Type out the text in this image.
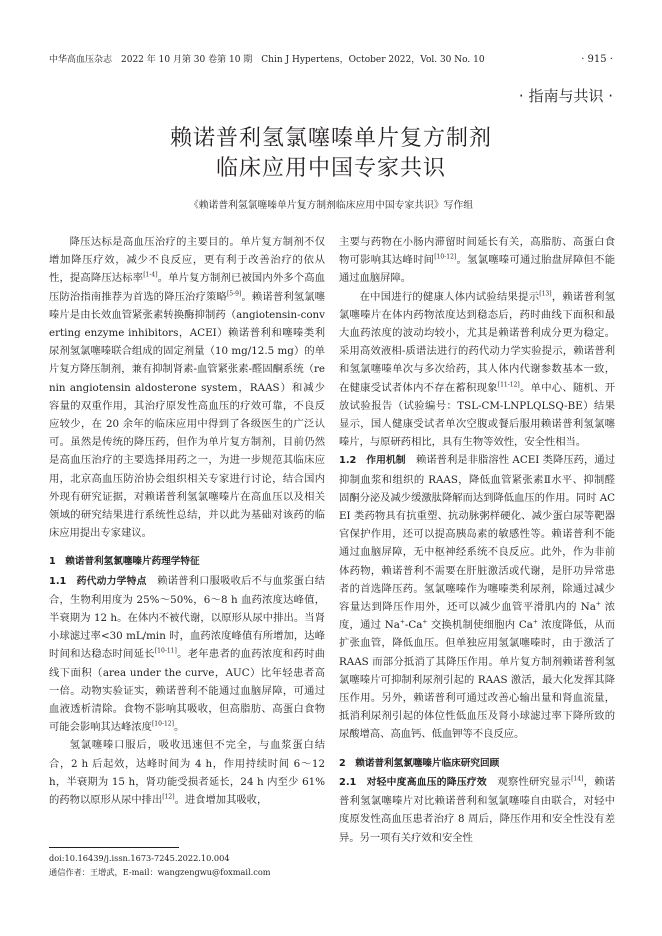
中华高血压杂志　2022 年 10 月第 30 卷第 10 期　Chin J Hypertens，October 2022，Vol. 30 No. 10	· 915 ·
· 指南与共识 ·
赖诺普利氢氯噻嗪单片复方制剂
临床应用中国专家共识
《赖诺普利氢氯噻嗪单片复方制剂临床应用中国专家共识》写作组

降压达标是高血压治疗的主要目的。单片复方制剂不仅增加降压疗效，减少不良反应，更有利于改善治疗的依从性，提高降压达标率[1-4]。单片复方制剂已被国内外多个高血压防治指南推荐为首选的降压治疗策略[5-9]。赖诺普利氢氯噻嗪片是由长效血管紧张素转换酶抑制药（angiotensin-converting enzyme inhibitors，ACEI）赖诺普利和噻嗪类利尿剂氢氯噻嗪联合组成的固定剂量（10 mg/12.5 mg）的单片复方降压制剂，兼有抑制肾素-血管紧张素-醛固酮系统（renin angiotensin aldosterone system，RAAS）和减少容量的双重作用，其治疗原发性高血压的疗效可靠，不良反应较少，在 20 余年的临床应用中得到了各级医生的广泛认可。虽然是传统的降压药，但作为单片复方制剂，目前仍然是高血压治疗的主要选择用药之一，为进一步规范其临床应用，北京高血压防治协会组织相关专家进行讨论，结合国内外现有研究证据，对赖诺普利氢氯噻嗪片在高血压以及相关领域的研究结果进行系统性总结，并以此为基础对该药的临床应用提出专家建议。

1　赖诺普利氢氯噻嗪片药理学特征

1.1　药代动力学特点　赖诺普利口服吸收后不与血浆蛋白结合，生物利用度为 25%～50%，6～8 h 血药浓度达峰值，半衰期为 12 h。在体内不被代谢，以原形从尿中排出。当肾小球滤过率<30 mL/min 时，血药浓度峰值有所增加，达峰时间和达稳态时间延长[10-11]。老年患者的血药浓度和药时曲线下面积（area under the curve，AUC）比年轻患者高一倍。动物实验证实，赖诺普利不能通过血脑屏障，可通过血液透析清除。食物不影响其吸收，但高脂肪、高蛋白食物可能会影响其达峰浓度[10-12]。

氢氯噻嗪口服后，吸收迅速但不完全，与血浆蛋白结合，2 h 后起效，达峰时间为 4 h，作用持续时间 6～12 h，半衰期为 15 h，肾功能受损者延长，24 h 内至少 61% 的药物以原形从尿中排出[12]。进食增加其吸收，

主要与药物在小肠内滞留时间延长有关，高脂肪、高蛋白食物可影响其达峰时间[10-12]。氢氯噻嗪可通过胎盘屏障但不能通过血脑屏障。

在中国进行的健康人体内试验结果提示[13]，赖诺普利氢氯噻嗪片在体内药物浓度达到稳态后，药时曲线下面积和最大血药浓度的波动均较小，尤其是赖诺普利成分更为稳定。采用高效液相-质谱法进行的药代动力学实验提示，赖诺普利和氢氯噻嗪单次与多次给药，其人体内代谢参数基本一致，在健康受试者体内不存在蓄积现象[11-12]。单中心、随机、开放试验报告（试验编号：TSL-CM-LNPLQLSQ-BE）结果显示，国人健康受试者单次空腹或餐后服用赖诺普利氢氯噻嗪片，与原研药相比，具有生物等效性，安全性相当。

1.2　作用机制　赖诺普利是非脂溶性 ACEI 类降压药，通过抑制血浆和组织的 RAAS，降低血管紧张素Ⅱ水平、抑制醛固酮分泌及减少缓激肽降解而达到降低血压的作用。同时 ACEI 类药物具有抗重塑、抗动脉粥样硬化、减少蛋白尿等靶器官保护作用，还可以提高胰岛素的敏感性等。赖诺普利不能通过血脑屏障，无中枢神经系统不良反应。此外，作为非前体药物，赖诺普利不需要在肝脏激活或代谢，是肝功异常患者的首选降压药。氢氯噻嗪作为噻嗪类利尿剂，除通过减少容量达到降压作用外，还可以减少血管平滑肌内的 Na+ 浓度，通过 Na+-Ca+ 交换机制使细胞内 Ca+ 浓度降低，从而扩张血管，降低血压。但单独应用氢氯噻嗪时，由于激活了 RAAS 而部分抵消了其降压作用。单片复方制剂赖诺普利氢氯噻嗪片可抑制利尿剂引起的 RAAS 激活，最大化发挥其降压作用。另外，赖诺普利可通过改善心输出量和肾血流量，抵消利尿剂引起的体位性低血压及肾小球滤过率下降所致的尿酸增高、高血钙、低血钾等不良反应。

2　赖诺普利氢氯噻嗪片临床研究回顾

2.1　对轻中度高血压的降压疗效　观察性研究显示[14]，赖诺普利氢氯噻嗪片对比赖诺普利和氢氯噻嗪自由联合，对轻中度原发性高血压患者治疗 8 周后，降压作用和安全性没有差异。另一项有关疗效和安全性

doi:10.16439/j.issn.1673-7245.2022.10.004
通信作者：王增武，E-mail：wangzengwu@foxmail.com
